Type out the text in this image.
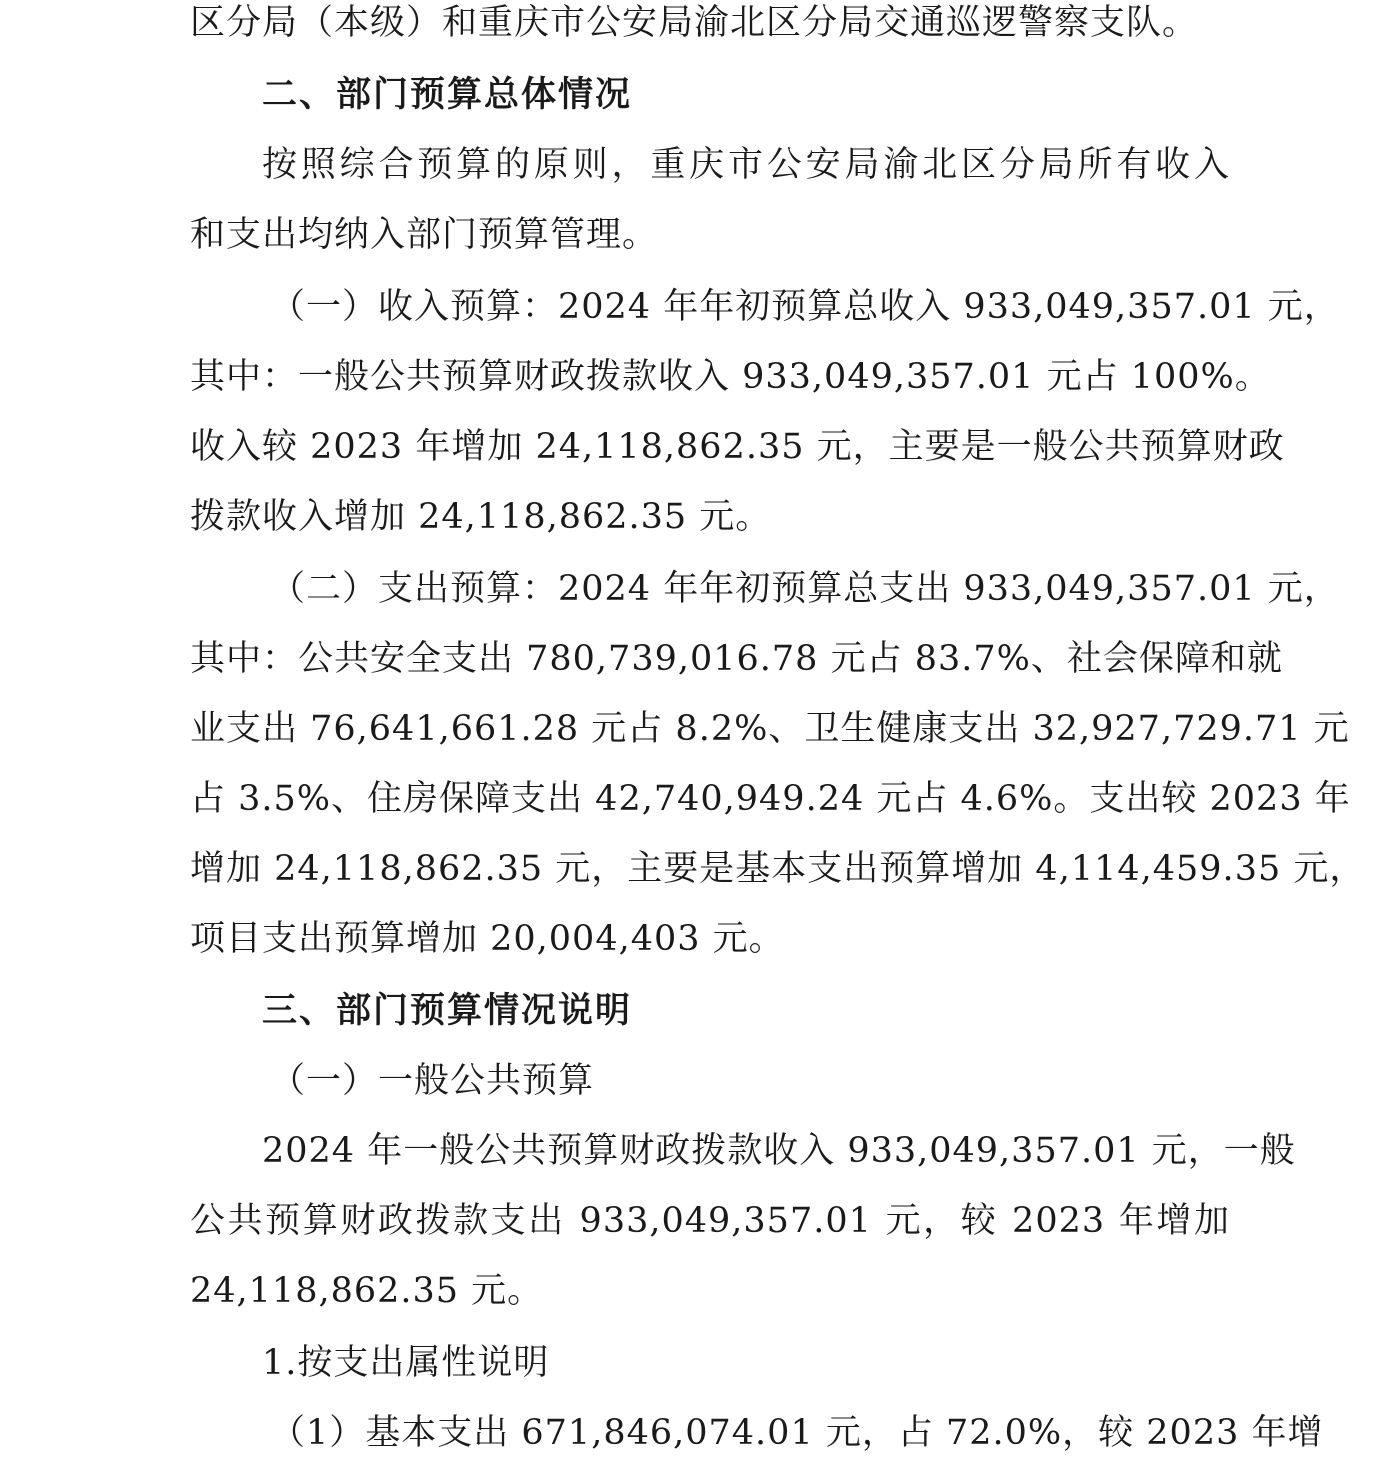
区分局（本级）和重庆市公安局渝北区分局交通巡逻警察支队。
二、部门预算总体情况
按照综合预算的原则，重庆市公安局渝北区分局所有收入
和支出均纳入部门预算管理。
（一）收入预算：2024 年年初预算总收入 933,049,357.01 元，
其中：一般公共预算财政拨款收入 933,049,357.01 元占 100%。
收入较 2023 年增加 24,118,862.35 元，主要是一般公共预算财政
拨款收入增加 24,118,862.35 元。
（二）支出预算：2024 年年初预算总支出 933,049,357.01 元，
其中：公共安全支出 780,739,016.78 元占 83.7%、社会保障和就
业支出 76,641,661.28 元占 8.2%、卫生健康支出 32,927,729.71 元
占 3.5%、住房保障支出 42,740,949.24 元占 4.6%。支出较 2023 年
增加 24,118,862.35 元，主要是基本支出预算增加 4,114,459.35 元，
项目支出预算增加 20,004,403 元。
三、部门预算情况说明
（一）一般公共预算
2024 年一般公共预算财政拨款收入 933,049,357.01 元，一般
公共预算财政拨款支出 933,049,357.01 元，较 2023 年增加
24,118,862.35 元。
1.按支出属性说明
（1）基本支出 671,846,074.01 元，占 72.0%，较 2023 年增
